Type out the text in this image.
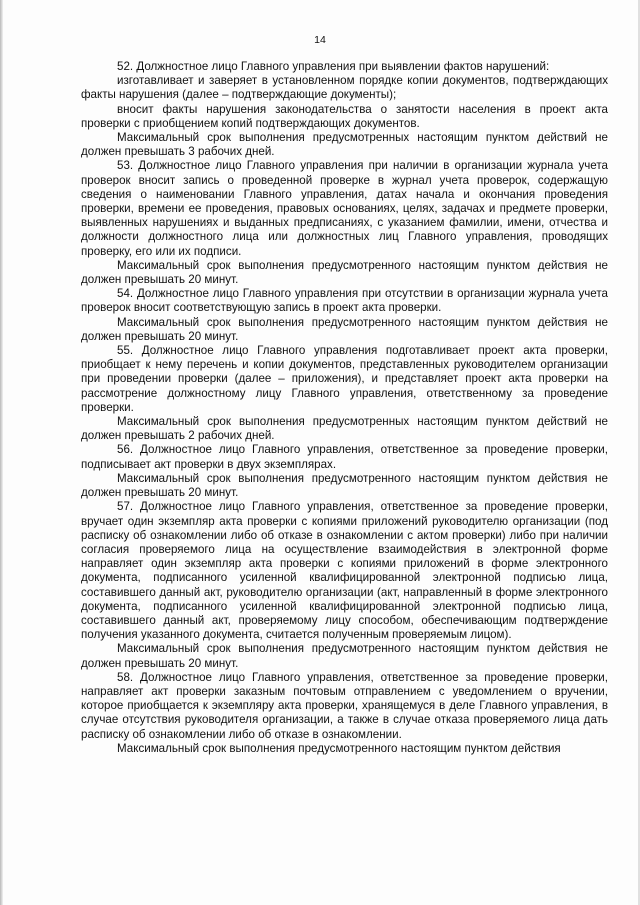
14

52. Должностное лицо Главного управления при выявлении фактов нарушений:

изготавливает и заверяет в установленном порядке копии документов, подтверждающих факты нарушения (далее – подтверждающие документы);

вносит факты нарушения законодательства о занятости населения в проект акта проверки с приобщением копий подтверждающих документов.

Максимальный срок выполнения предусмотренных настоящим пунктом действий не должен превышать 3 рабочих дней.

53. Должностное лицо Главного управления при наличии в организации журнала учета проверок вносит запись о проведенной проверке в журнал учета проверок, содержащую сведения о наименовании Главного управления, датах начала и окончания проведения проверки, времени ее проведения, правовых основаниях, целях, задачах и предмете проверки, выявленных нарушениях и выданных предписаниях, с указанием фамилии, имени, отчества и должности должностного лица или должностных лиц Главного управления, проводящих проверку, его или их подписи.

Максимальный срок выполнения предусмотренного настоящим пунктом действия не должен превышать 20 минут.

54. Должностное лицо Главного управления при отсутствии в организации журнала учета проверок вносит соответствующую запись в проект акта проверки.

Максимальный срок выполнения предусмотренного настоящим пунктом действия не должен превышать 20 минут.

55. Должностное лицо Главного управления подготавливает проект акта проверки, приобщает к нему перечень и копии документов, представленных руководителем организации при проведении проверки (далее – приложения), и представляет проект акта проверки на рассмотрение должностному лицу Главного управления, ответственному за проведение проверки.

Максимальный срок выполнения предусмотренных настоящим пунктом действий не должен превышать 2 рабочих дней.

56. Должностное лицо Главного управления, ответственное за проведение проверки, подписывает акт проверки в двух экземплярах.

Максимальный срок выполнения предусмотренного настоящим пунктом действия не должен превышать 20 минут.

57. Должностное лицо Главного управления, ответственное за проведение проверки, вручает один экземпляр акта проверки с копиями приложений руководителю организации (под расписку об ознакомлении либо об отказе в ознакомлении с актом проверки) либо при наличии согласия проверяемого лица на осуществление взаимодействия в электронной форме направляет один экземпляр акта проверки с копиями приложений в форме электронного документа, подписанного усиленной квалифицированной электронной подписью лица, составившего данный акт, руководителю организации (акт, направленный в форме электронного документа, подписанного усиленной квалифицированной электронной подписью лица, составившего данный акт, проверяемому лицу способом, обеспечивающим подтверждение получения указанного документа, считается полученным проверяемым лицом).

Максимальный срок выполнения предусмотренного настоящим пунктом действия не должен превышать 20 минут.

58. Должностное лицо Главного управления, ответственное за проведение проверки, направляет акт проверки заказным почтовым отправлением с уведомлением о вручении, которое приобщается к экземпляру акта проверки, хранящемуся в деле Главного управления, в случае отсутствия руководителя организации, а также в случае отказа проверяемого лица дать расписку об ознакомлении либо об отказе в ознакомлении.

Максимальный срок выполнения предусмотренного настоящим пунктом действия
